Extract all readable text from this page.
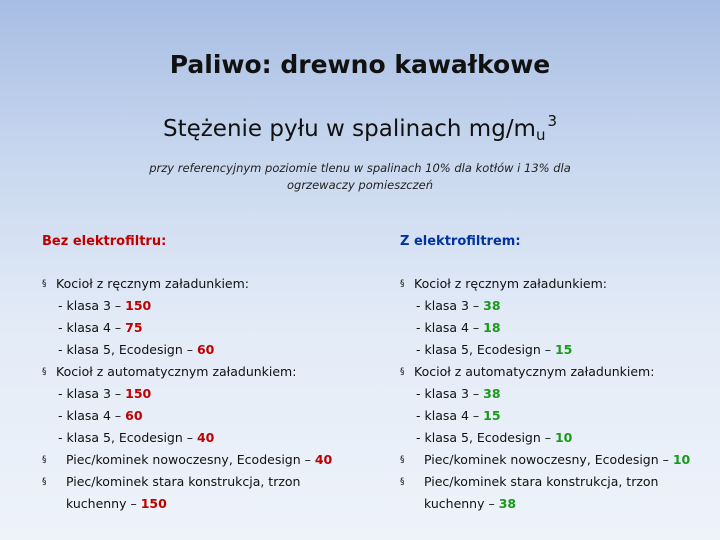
Paliwo: drewno kawałkowe
Stężenie pyłu w spalinach $mg/m_u^3$
przy referencyjnym poziomie tlenu w spalinach 10% dla kotłów i 13% dla ogrzewaczy pomieszczeń
Bez elektrofiltru:
§ Kocioł z ręcznym załadunkiem:
- klasa 3 – 150
- klasa 4 – 75
- klasa 5, Ecodesign – 60
§ Kocioł z automatycznym załadunkiem:
- klasa 3 – 150
- klasa 4 – 60
- klasa 5, Ecodesign – 40
§ Piec/kominek nowoczesny, Ecodesign – 40
§ Piec/kominek stara konstrukcja, trzon
kuchenny – 150
Z elektrofiltrem:
§ Kocioł z ręcznym załadunkiem:
- klasa 3 – 38
- klasa 4 – 18
- klasa 5, Ecodesign – 15
§ Kocioł z automatycznym załadunkiem:
- klasa 3 – 38
- klasa 4 – 15
- klasa 5, Ecodesign – 10
§ Piec/kominek nowoczesny, Ecodesign – 10
§ Piec/kominek stara konstrukcja, trzon
kuchenny – 38
